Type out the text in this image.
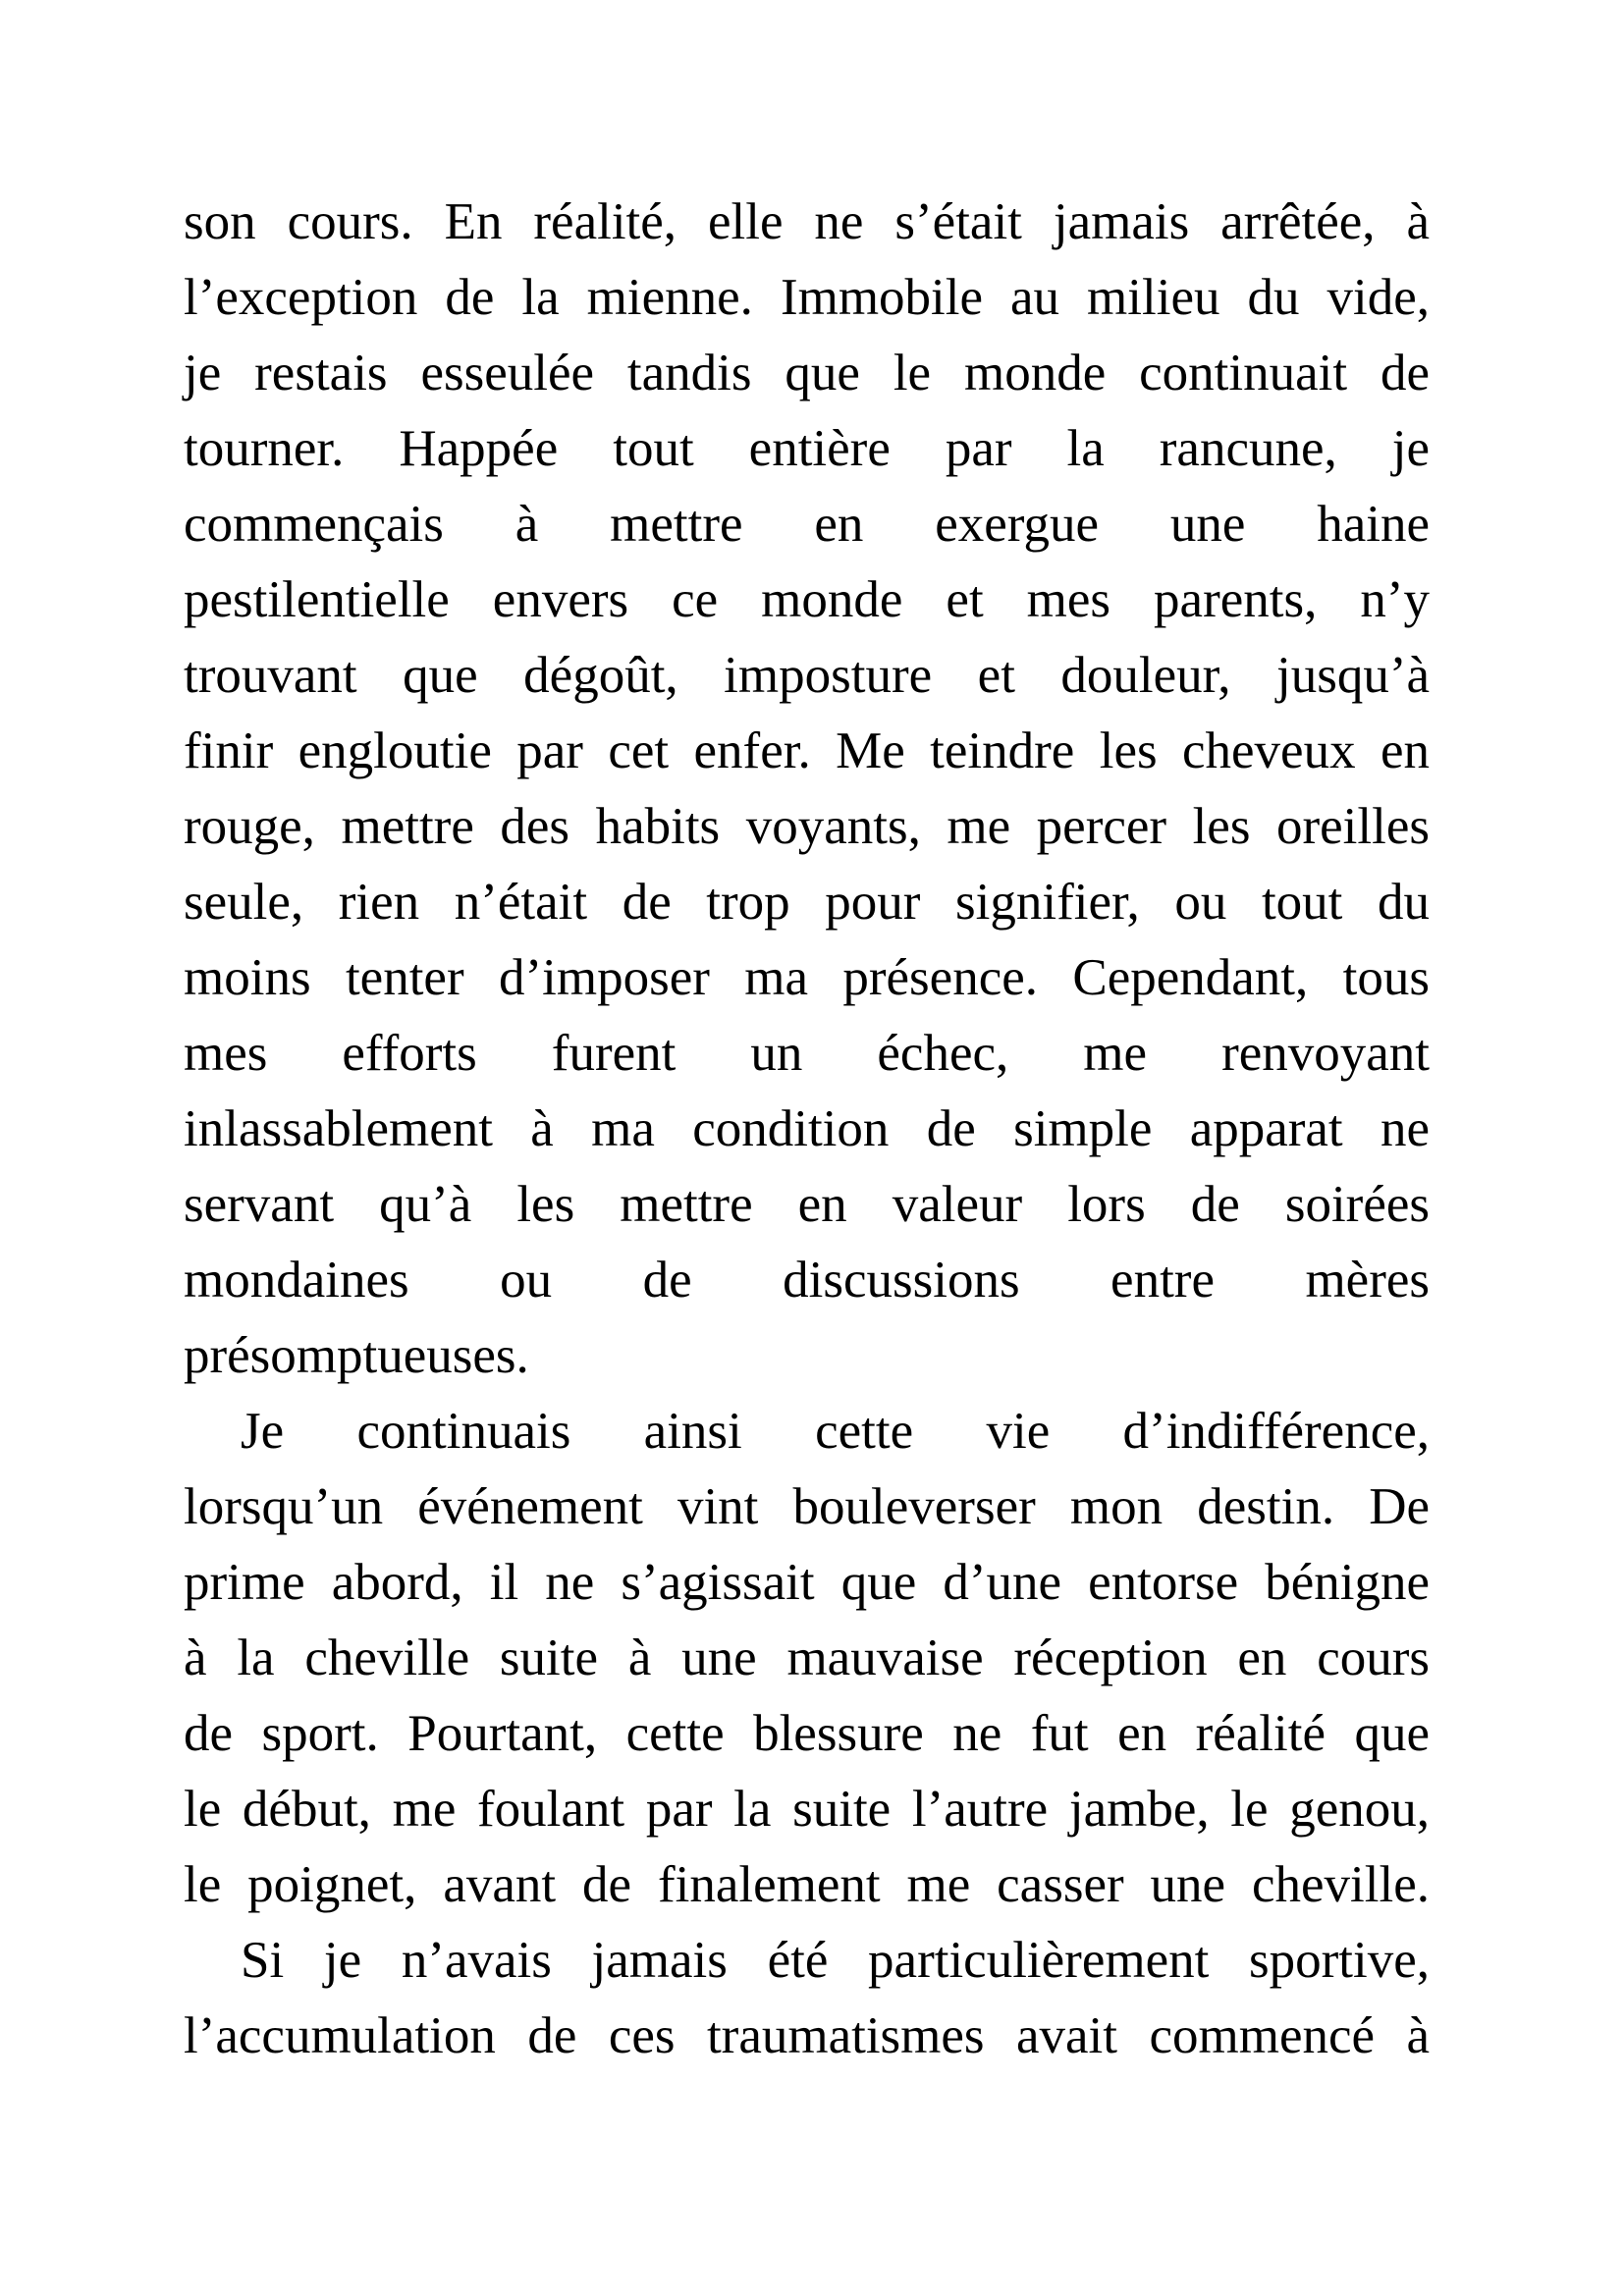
son cours. En réalité, elle ne s’était jamais arrêtée, à
l’exception de la mienne. Immobile au milieu du vide,
je restais esseulée tandis que le monde continuait de
tourner. Happée tout entière par la rancune, je
commençais à mettre en exergue une haine
pestilentielle envers ce monde et mes parents, n’y
trouvant que dégoût, imposture et douleur, jusqu’à
finir engloutie par cet enfer. Me teindre les cheveux en
rouge, mettre des habits voyants, me percer les oreilles
seule, rien n’était de trop pour signifier, ou tout du
moins tenter d’imposer ma présence. Cependant, tous
mes efforts furent un échec, me renvoyant
inlassablement à ma condition de simple apparat ne
servant qu’à les mettre en valeur lors de soirées
mondaines ou de discussions entre mères
présomptueuses.
Je continuais ainsi cette vie d’indifférence,
lorsqu’un événement vint bouleverser mon destin. De
prime abord, il ne s’agissait que d’une entorse bénigne
à la cheville suite à une mauvaise réception en cours
de sport. Pourtant, cette blessure ne fut en réalité que
le début, me foulant par la suite l’autre jambe, le genou,
le poignet, avant de finalement me casser une cheville.
Si je n’avais jamais été particulièrement sportive,
l’accumulation de ces traumatismes avait commencé à
